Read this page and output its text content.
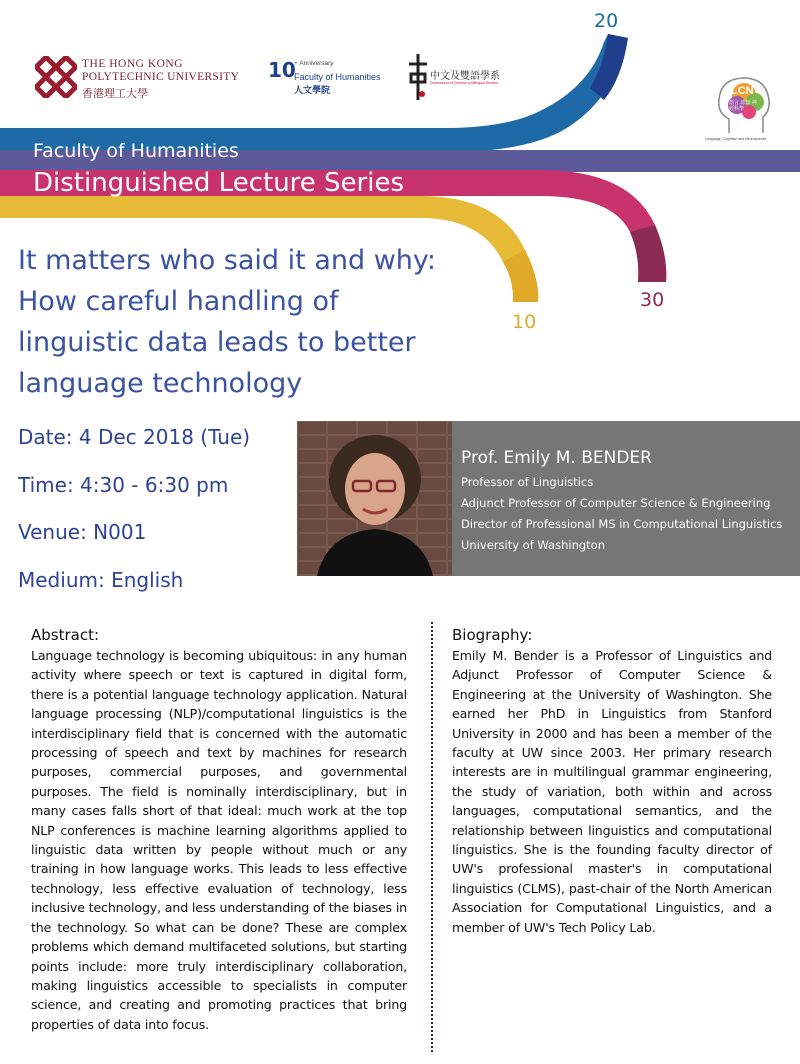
THE HONG KONG
POLYTECHNIC UNIVERSITY
香港理工大學
10
+ Anniversary
Faculty of Humanities
人文學院
中文及雙語學系
Department of Chinese & Bilingual Studies
LCN
語言 認知 神經科學
Language, Cognition and Neuroscience
Faculty of Humanities
Distinguished Lecture Series
20
30
10
It matters who said it and why:
How careful handling of
linguistic data leads to better
language technology
Date: 4 Dec 2018 (Tue)
Time: 4:30 - 6:30 pm
Venue: N001
Medium: English
Prof. Emily M. BENDER
Professor of Linguistics
Adjunct Professor of Computer Science & Engineering
Director of Professional MS in Computational Linguistics
University of Washington
Abstract:
Language technology is becoming ubiquitous: in any human activity where speech or text is captured in digital form, there is a potential language technology application. Natural language processing (NLP)/computational linguistics is the interdisciplinary field that is concerned with the automatic processing of speech and text by machines for research purposes, commercial purposes, and governmental purposes. The field is nominally interdisciplinary, but in many cases falls short of that ideal: much work at the top NLP conferences is machine learning algorithms applied to linguistic data written by people without much or any training in how language works. This leads to less effective technology, less effective evaluation of technology, less inclusive technology, and less understanding of the biases in the technology. So what can be done? These are complex problems which demand multifaceted solutions, but starting points include: more truly interdisciplinary collaboration, making linguistics accessible to specialists in computer science, and creating and promoting practices that bring properties of data into focus.
Biography:
Emily M. Bender is a Professor of Linguistics and Adjunct Professor of Computer Science & Engineering at the University of Washington. She earned her PhD in Linguistics from Stanford University in 2000 and has been a member of the faculty at UW since 2003. Her primary research interests are in multilingual grammar engineering, the study of variation, both within and across languages, computational semantics, and the relationship between linguistics and computational linguistics. She is the founding faculty director of UW's professional master's in computational linguistics (CLMS), past-chair of the North American Association for Computational Linguistics, and a member of UW's Tech Policy Lab.
